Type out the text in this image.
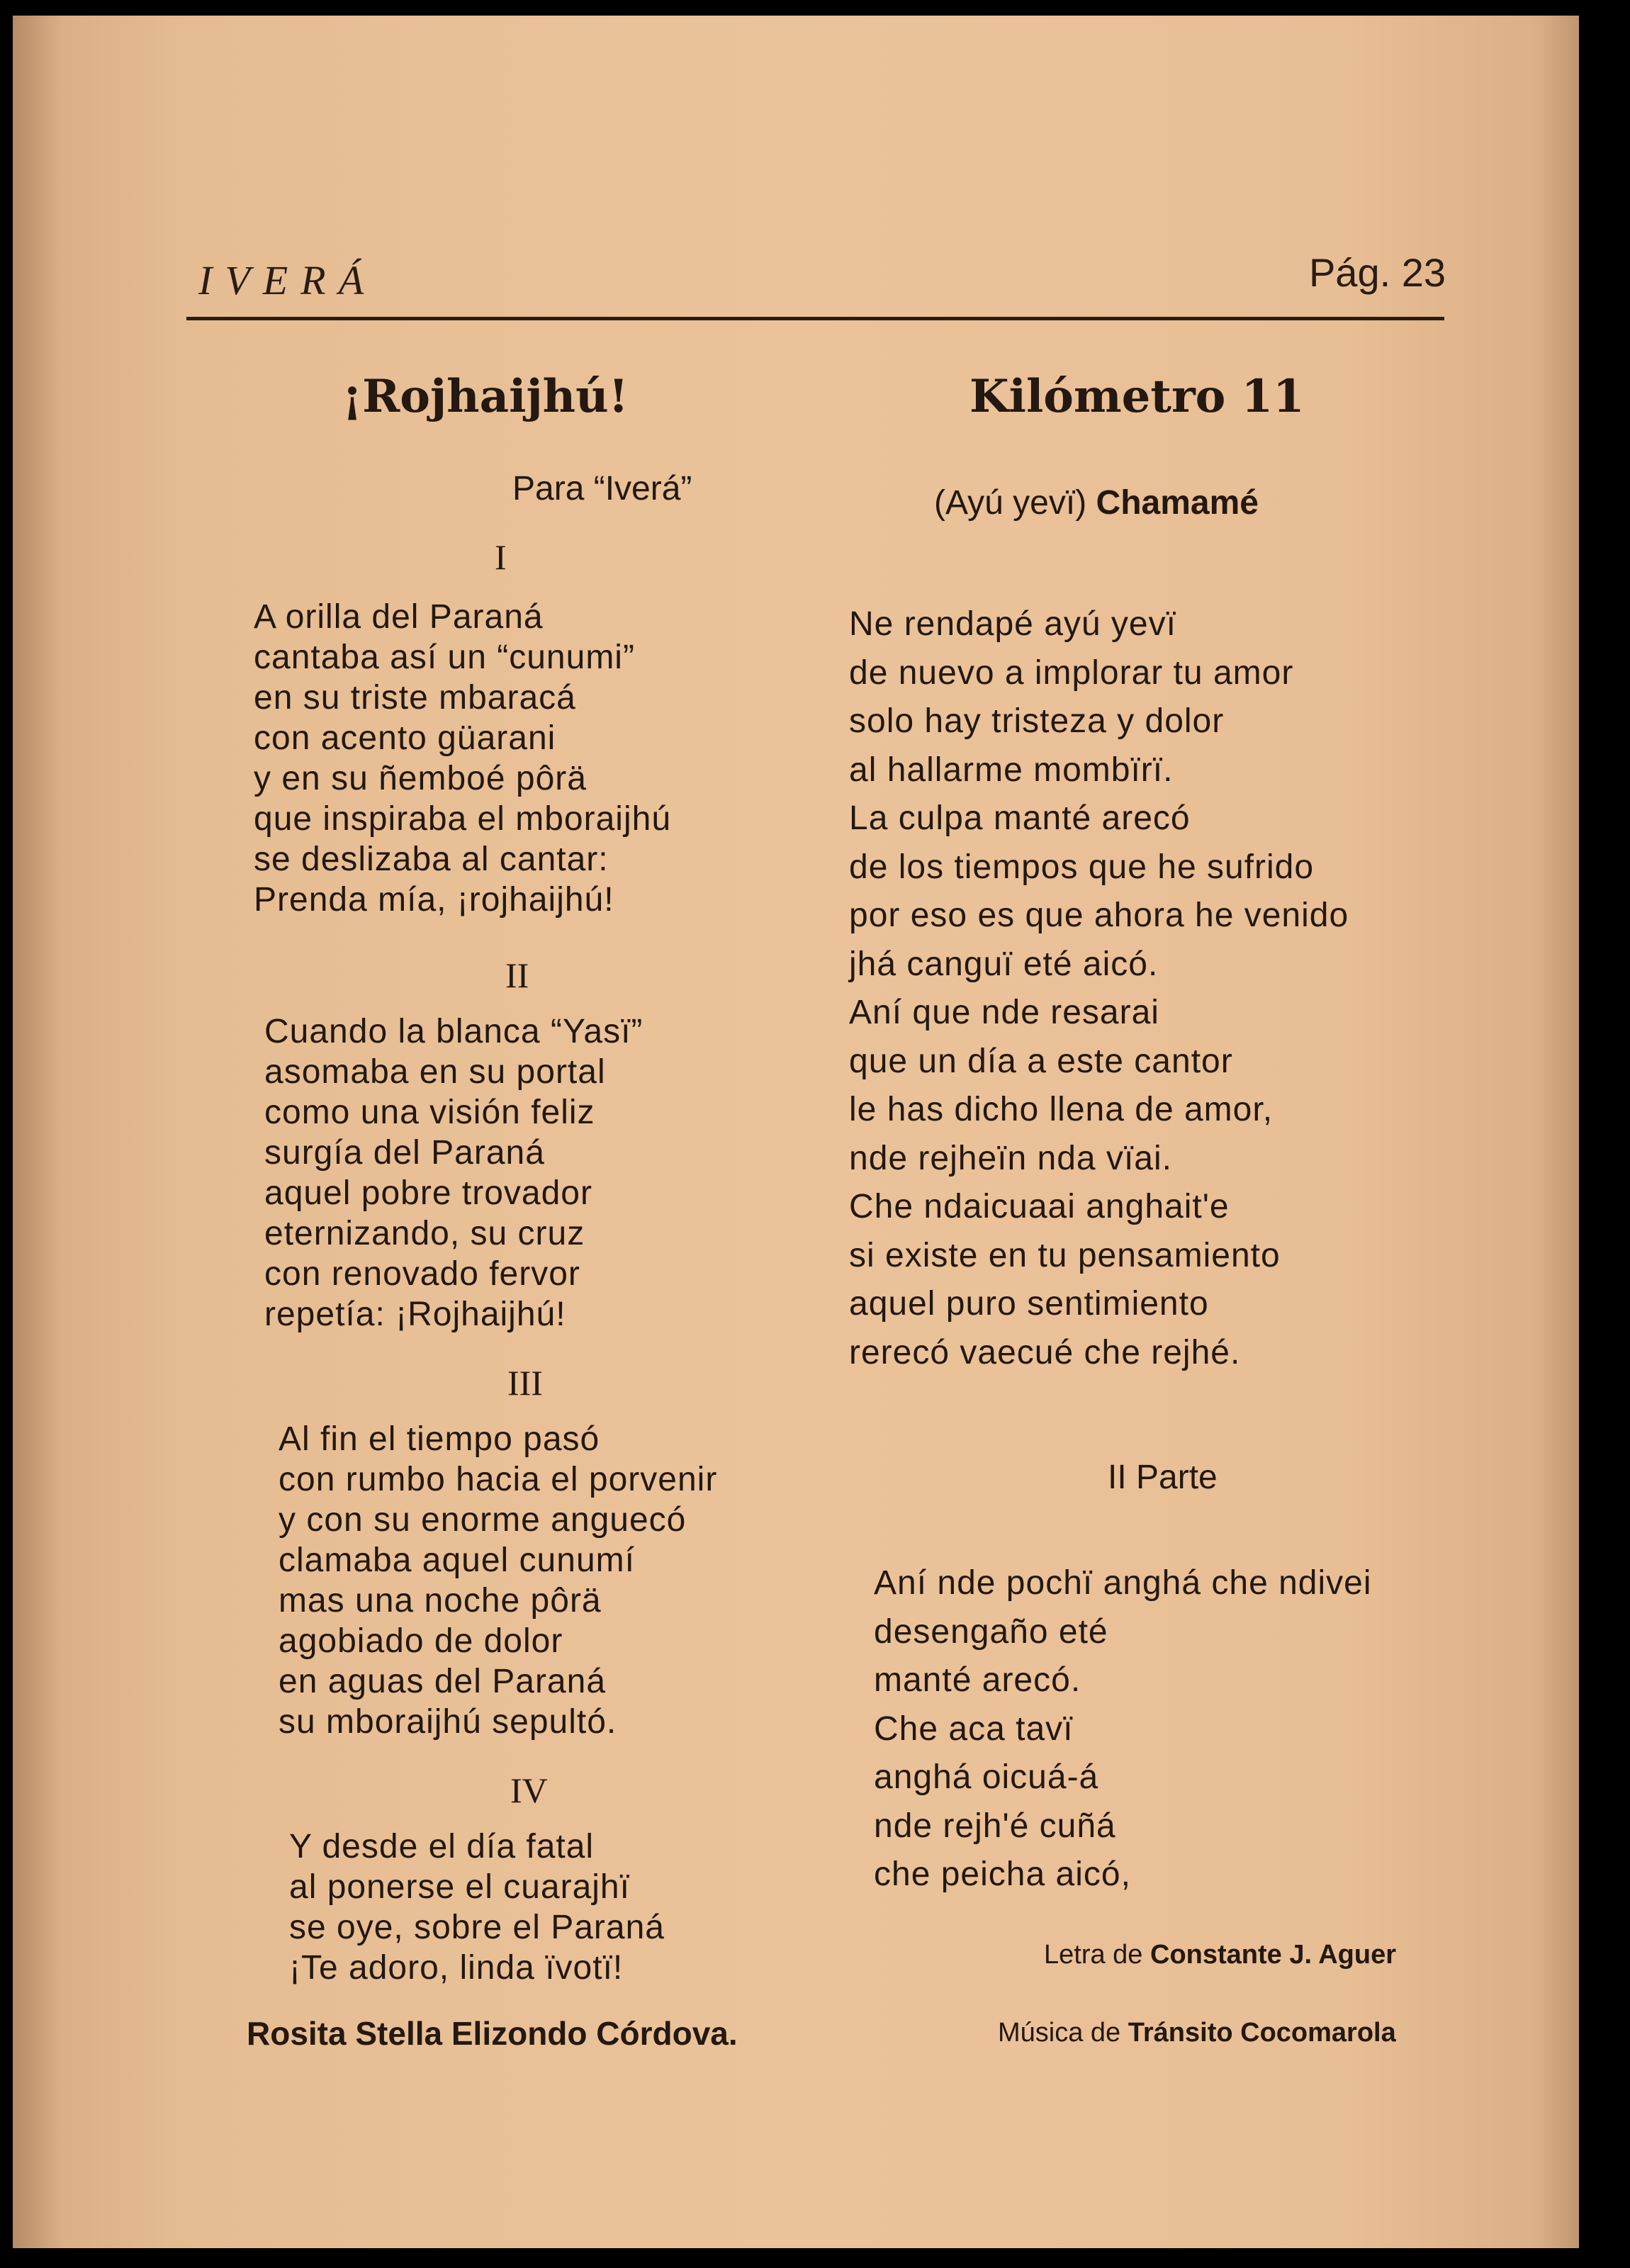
IVERÁ	Pág. 23
¡Rojhaijhú!
Para “Iverá”
I
A orilla del Paraná
cantaba así un “cunumi”
en su triste mbaracá
con acento güarani
y en su ñemboé pôrä
que inspiraba el mboraijhú
se deslizaba al cantar:
Prenda mía, ¡rojhaijhú!
II
Cuando la blanca “Yasï”
asomaba en su portal
como una visión feliz
surgía del Paraná
aquel pobre trovador
eternizando, su cruz
con renovado fervor
repetía: ¡Rojhaijhú!
III
Al fin el tiempo pasó
con rumbo hacia el porvenir
y con su enorme anguecó
clamaba aquel cunumí
mas una noche pôrä
agobiado de dolor
en aguas del Paraná
su mboraijhú sepultó.
IV
Y desde el día fatal
al ponerse el cuarajhï
se oye, sobre el Paraná
¡Te adoro, linda ïvotï!
Rosita Stella Elizondo Córdova.
Kilómetro 11
(Ayú yevï) Chamamé
Ne rendapé ayú yevï
de nuevo a implorar tu amor
solo hay tristeza y dolor
al hallarme mombïrï.
La culpa manté arecó
de los tiempos que he sufrido
por eso es que ahora he venido
jhá canguï eté aicó.
Aní que nde resarai
que un día a este cantor
le has dicho llena de amor,
nde rejheïn nda vïai.
Che ndaicuaai anghait'e
si existe en tu pensamiento
aquel puro sentimiento
rerecó vaecué che rejhé.
II Parte
Aní nde pochï anghá che ndivei
desengaño eté
manté arecó.
Che aca tavï
anghá oicuá-á
nde rejh'é cuñá
che peicha aicó,
Letra de Constante J. Aguer
Música de Tránsito Cocomarola
